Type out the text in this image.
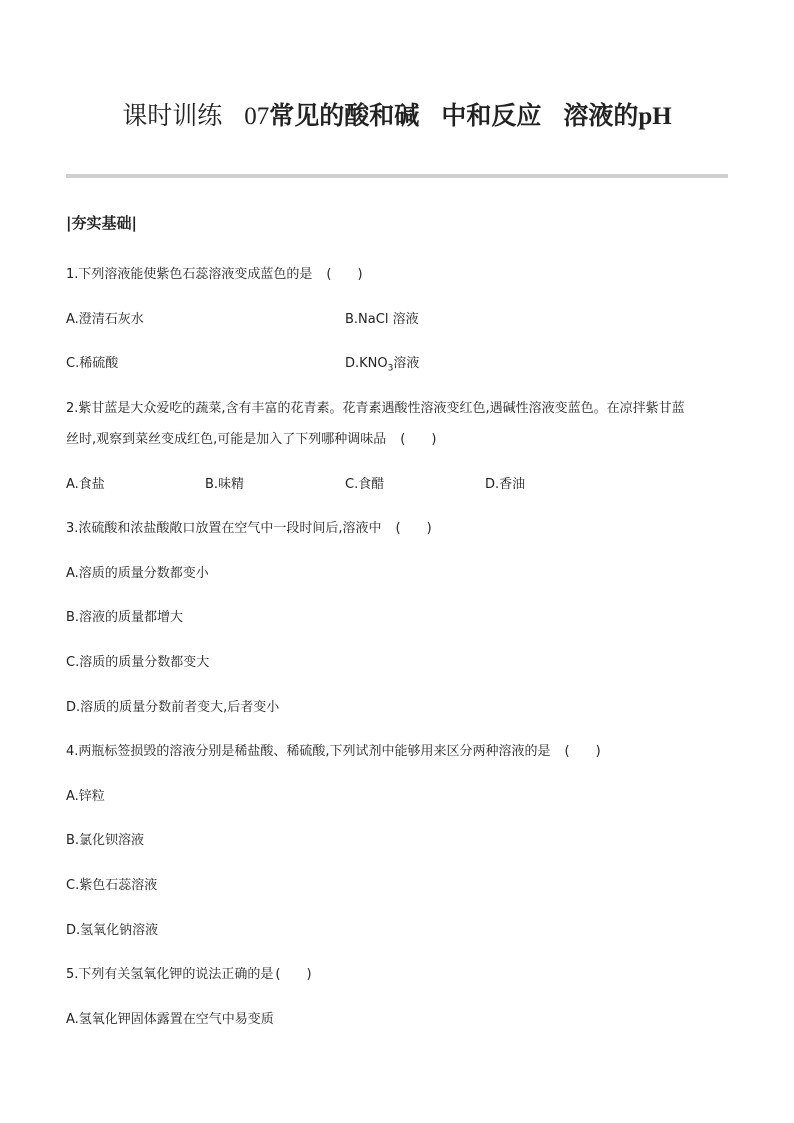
课时训练 07常见的酸和碱 中和反应 溶液的pH
|夯实基础|
1.下列溶液能使紫色石蕊溶液变成蓝色的是 (　　)
A.澄清石灰水	B.NaCl 溶液
C.稀硫酸	$D.KNO_3$溶液
2.紫甘蓝是大众爱吃的蔬菜,含有丰富的花青素。花青素遇酸性溶液变红色,遇碱性溶液变蓝色。在凉拌紫甘蓝
丝时,观察到菜丝变成红色,可能是加入了下列哪种调味品 (　　)
A.食盐	B.味精	C.食醋	D.香油
3.浓硫酸和浓盐酸敞口放置在空气中一段时间后,溶液中 (　　)
A.溶质的质量分数都变小
B.溶液的质量都增大
C.溶质的质量分数都变大
D.溶质的质量分数前者变大,后者变小
4.两瓶标签损毁的溶液分别是稀盐酸、稀硫酸,下列试剂中能够用来区分两种溶液的是 (　　)
A.锌粒
B.氯化钡溶液
C.紫色石蕊溶液
D.氢氧化钠溶液
5.下列有关氢氧化钾的说法正确的是 (　　)
A.氢氧化钾固体露置在空气中易变质
